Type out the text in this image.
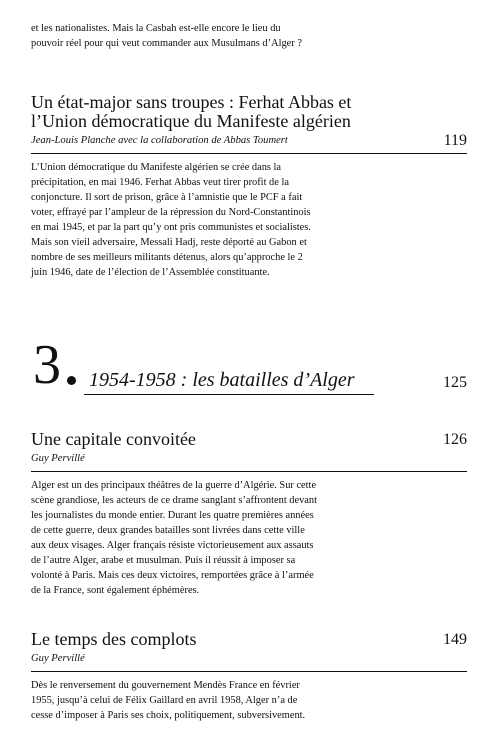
et les nationalistes. Mais la Casbah est-elle encore le lieu du pouvoir réel pour qui veut commander aux Musulmans d’Alger ?

119
Un état-major sans troupes : Ferhat Abbas et l’Union démocratique du Manifeste algérien
Jean-Louis Planche avec la collaboration de Abbas Toumert

L’Union démocratique du Manifeste algérien se crée dans la précipitation, en mai 1946. Ferhat Abbas veut tirer profit de la conjoncture. Il sort de prison, grâce à l’amnistie que le PCF a fait voter, effrayé par l’ampleur de la répression du Nord-Constantinois en mai 1945, et par la part qu’y ont pris communistes et socialistes. Mais son vieil adversaire, Messali Hadj, reste déporté au Gabon et nombre de ses meilleurs militants détenus, alors qu’approche le 2 juin 1946, date de l’élection de l’Assemblée constituante.

3 1954-1958 : les batailles d’Alger	125
126
Une capitale convoitée
Guy Pervillé

Alger est un des principaux théâtres de la guerre d’Algérie. Sur cette scène grandiose, les acteurs de ce drame sanglant s’affrontent devant les journalistes du monde entier. Durant les quatre premières années de cette guerre, deux grandes batailles sont livrées dans cette ville aux deux visages. Alger français résiste victorieusement aux assauts de l’autre Alger, arabe et musulman. Puis il réussit à imposer sa volonté à Paris. Mais ces deux victoires, remportées grâce à l’armée de la France, sont également éphémères.

149
Le temps des complots
Guy Pervillé

Dès le renversement du gouvernement Mendès France en février 1955, jusqu’à celui de Félix Gaillard en avril 1958, Alger n’a de cesse d’imposer à Paris ses choix, politiquement, subversivement.
